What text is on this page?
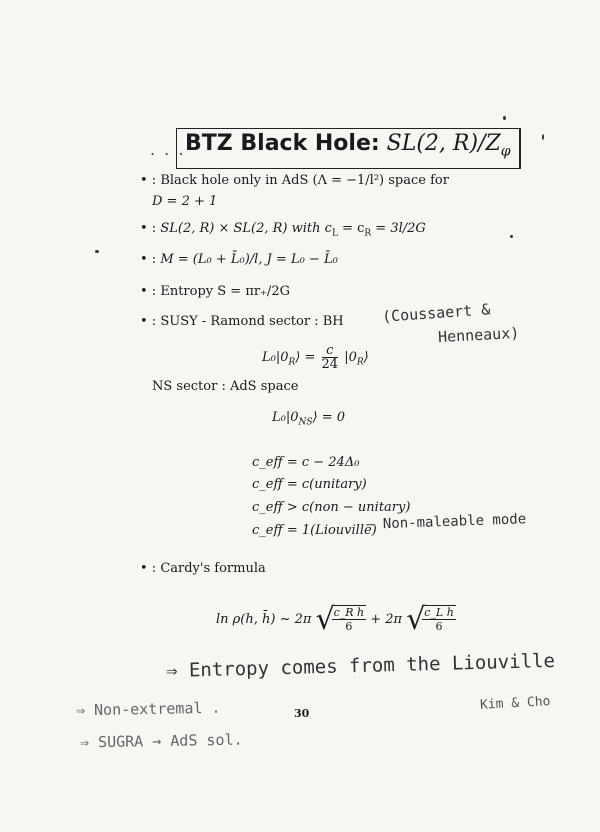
. . . BTZ Black Hole: SL(2, $R)/Z_\varphi$
• : Black hole only in AdS (Λ = −1/l²) space for
D = 2 + 1
• : SL(2, R) × SL(2, R) with $c_L = c_R = 3l/2G$
• : M = (L₀ + L̄₀)/l, J = L₀ − L̄₀
• : Entropy S = πr₊/2G
• : SUSY - Ramond sector : BH	(Coussaert &
Henneaux)
$L_0|0_R⟩ = \frac{c}{24}$ $|0_R⟩$
NS sector : AdS space
$L_0|0_{NS}⟩ = 0$
c_eff = c − 24Δ₀
c_eff = c(unitary)
c_eff > c(non − unitary)
c_eff = 1(Liouville)
– Non-maleable mode
• : Cardy's formula
ln ρ(h, h̄) ~ 2π √
$\frac{\text{c\_R h}}{6} + 2\pi$ √
$\frac{\text{c\_L h̄}}{6}$
⇒ Entropy comes from the Liouville
⇒ Non-extremal .	30
Kim & Cho
⇒ SUGRA → AdS sol.
